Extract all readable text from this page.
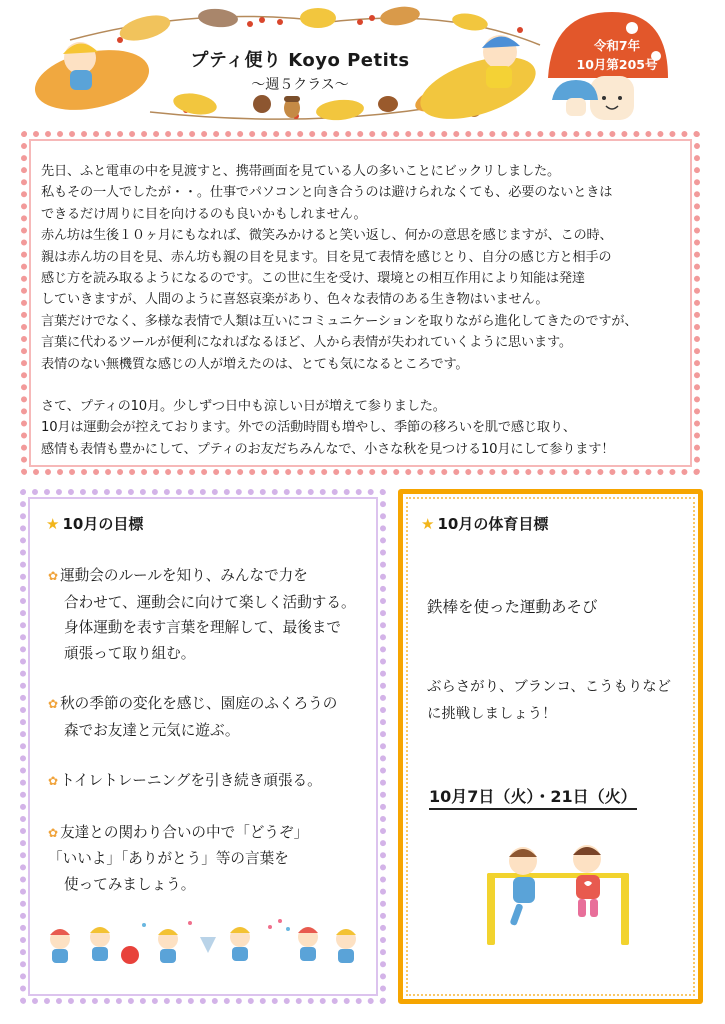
プティ便り Koyo Petits
～週５クラス～
令和7年
10月第205号

先日、ふと電車の中を見渡すと、携帯画面を見ている人の多いことにビックリしました。

私もその一人でしたが・・。仕事でパソコンと向き合うのは避けられなくても、必要のないときは

できるだけ周りに目を向けるのも良いかもしれません。

赤ん坊は生後１０ヶ月にもなれば、微笑みかけると笑い返し、何かの意思を感じますが、この時、

親は赤ん坊の目を見、赤ん坊も親の目を見ます。目を見て表情を感じとり、自分の感じ方と相手の

感じ方を読み取るようになるのです。この世に生を受け、環境との相互作用により知能は発達

していきますが、人間のように喜怒哀楽があり、色々な表情のある生き物はいません。

言葉だけでなく、多様な表情で人類は互いにコミュニケーションを取りながら進化してきたのですが、

言葉に代わるツールが便利になればなるほど、人から表情が失われていくように思います。

表情のない無機質な感じの人が増えたのは、とても気になるところです。

さて、プティの10月。少しずつ日中も涼しい日が増えて参りました。

10月は運動会が控えております。外での活動時間も増やし、季節の移ろいを肌で感じ取り、

感情も表情も豊かにして、プティのお友だちみんなで、小さな秋を見つける10月にして参ります！

★ 10月の目標

✿ 運動会のルールを知り、みんなで力を

合わせて、運動会に向けて楽しく活動する。

身体運動を表す言葉を理解して、最後まで

頑張って取り組む。

✿ 秋の季節の変化を感じ、園庭のふくろうの

森でお友達と元気に遊ぶ。

✿ トイレトレーニングを引き続き頑張る。

✿ 友達との関わり合いの中で「どうぞ」

「いいよ」「ありがとう」等の言葉を

使ってみましょう。

★ 10月の体育目標
鉄棒を使った運動あそび

ぶらさがり、ブランコ、こうもりなど

に挑戦しましょう！

10月7日（火）・21日（火）
